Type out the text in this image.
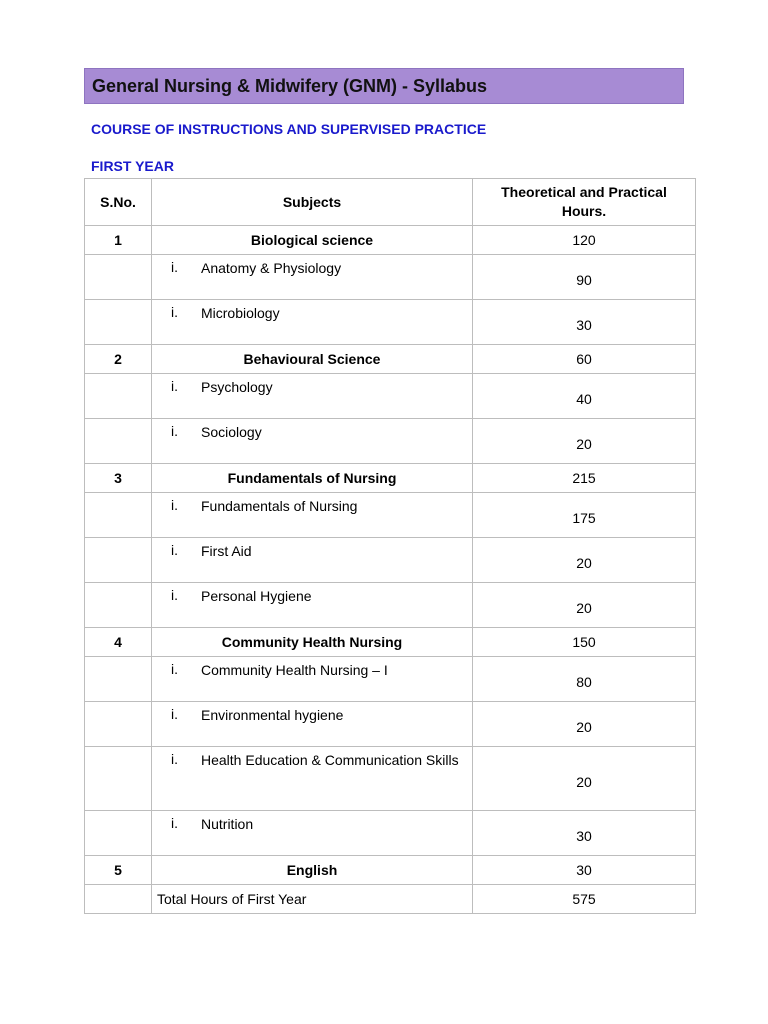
General Nursing & Midwifery (GNM) - Syllabus
COURSE OF INSTRUCTIONS AND SUPERVISED PRACTICE
FIRST YEAR
S.No.	Subjects	Theoretical and Practical Hours.
1	Biological science	120
	i. Anatomy & Physiology	90
	i. Microbiology	30
2	Behavioural Science	60
	i. Psychology	40
	i. Sociology	20
3	Fundamentals of Nursing	215
	i. Fundamentals of Nursing	175
	i. First Aid	20
	i. Personal Hygiene	20
4	Community Health Nursing	150
	i. Community Health Nursing – I	80
	i. Environmental hygiene	20
	i. Health Education & Communication Skills	20
	i. Nutrition	30
5	English	30
	Total Hours of First Year	575
